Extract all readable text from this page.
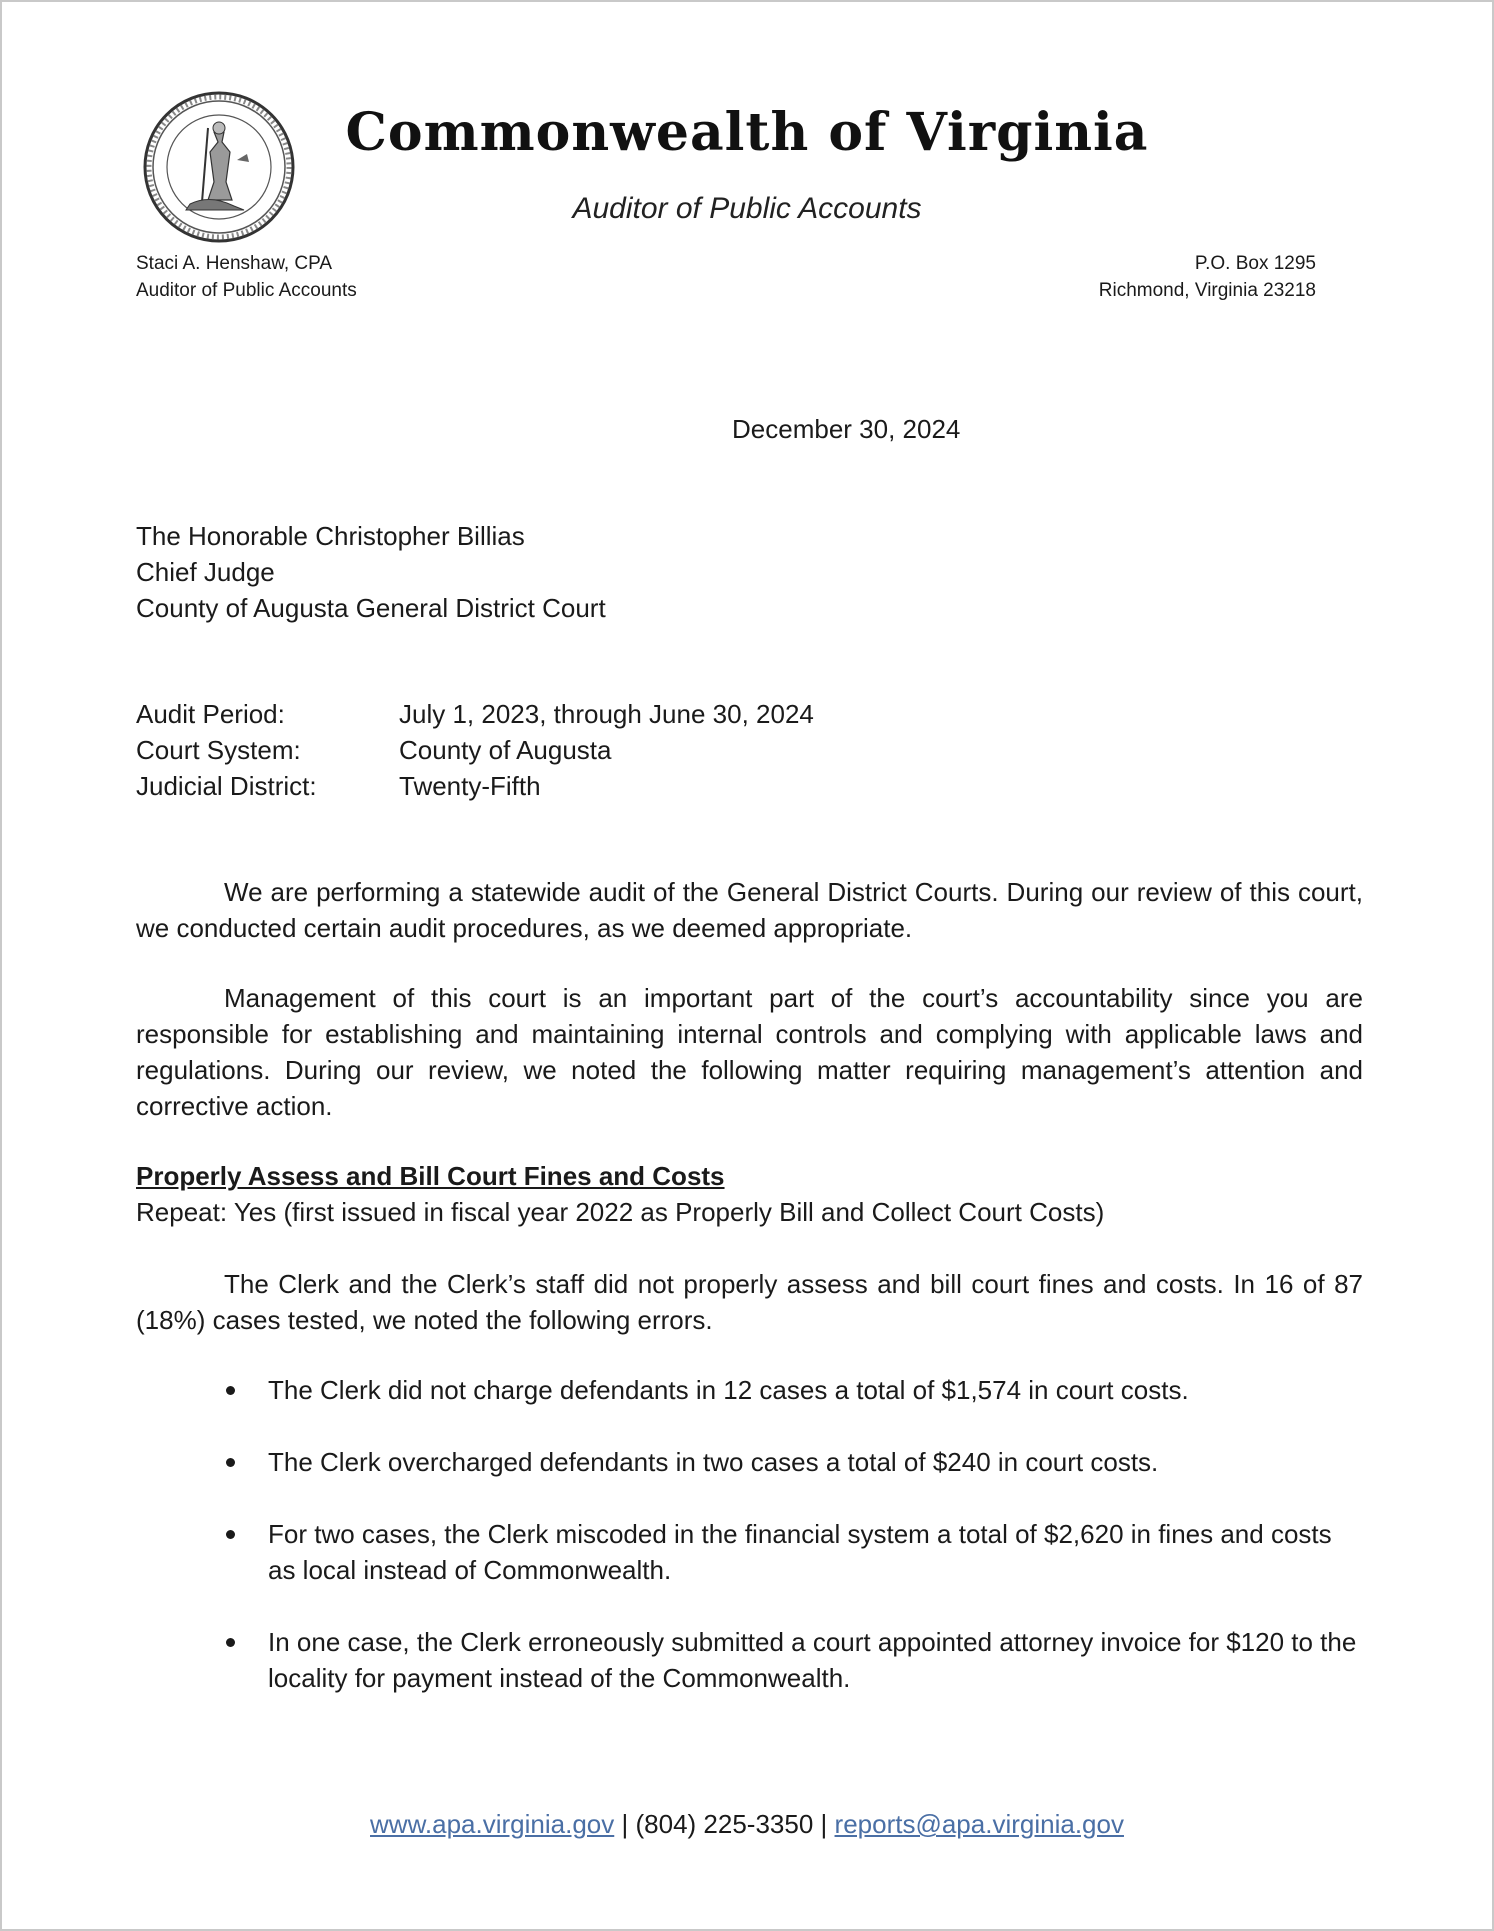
Commonwealth of Virginia
Auditor of Public Accounts
Staci A. Henshaw, CPA
Auditor of Public Accounts
P.O. Box 1295
Richmond, Virginia 23218
December 30, 2024
The Honorable Christopher Billias
Chief Judge
County of Augusta General District Court
Audit Period:	July 1, 2023, through June 30, 2024
Court System:	County of Augusta
Judicial District:	Twenty-Fifth

We are performing a statewide audit of the General District Courts. During our review of this court, we conducted certain audit procedures, as we deemed appropriate.

Management of this court is an important part of the court’s accountability since you are responsible for establishing and maintaining internal controls and complying with applicable laws and regulations. During our review, we noted the following matter requiring management’s attention and corrective action.

Properly Assess and Bill Court Fines and Costs
Repeat: Yes (first issued in fiscal year 2022 as Properly Bill and Collect Court Costs)

The Clerk and the Clerk’s staff did not properly assess and bill court fines and costs. In 16 of 87 (18%) cases tested, we noted the following errors.

The Clerk did not charge defendants in 12 cases a total of $1,574 in court costs.
The Clerk overcharged defendants in two cases a total of $240 in court costs.
For two cases, the Clerk miscoded in the financial system a total of $2,620 in fines and costs as local instead of Commonwealth.
In one case, the Clerk erroneously submitted a court appointed attorney invoice for $120 to the locality for payment instead of the Commonwealth.
www.apa.virginia.gov | (804) 225-3350 | reports@apa.virginia.gov
